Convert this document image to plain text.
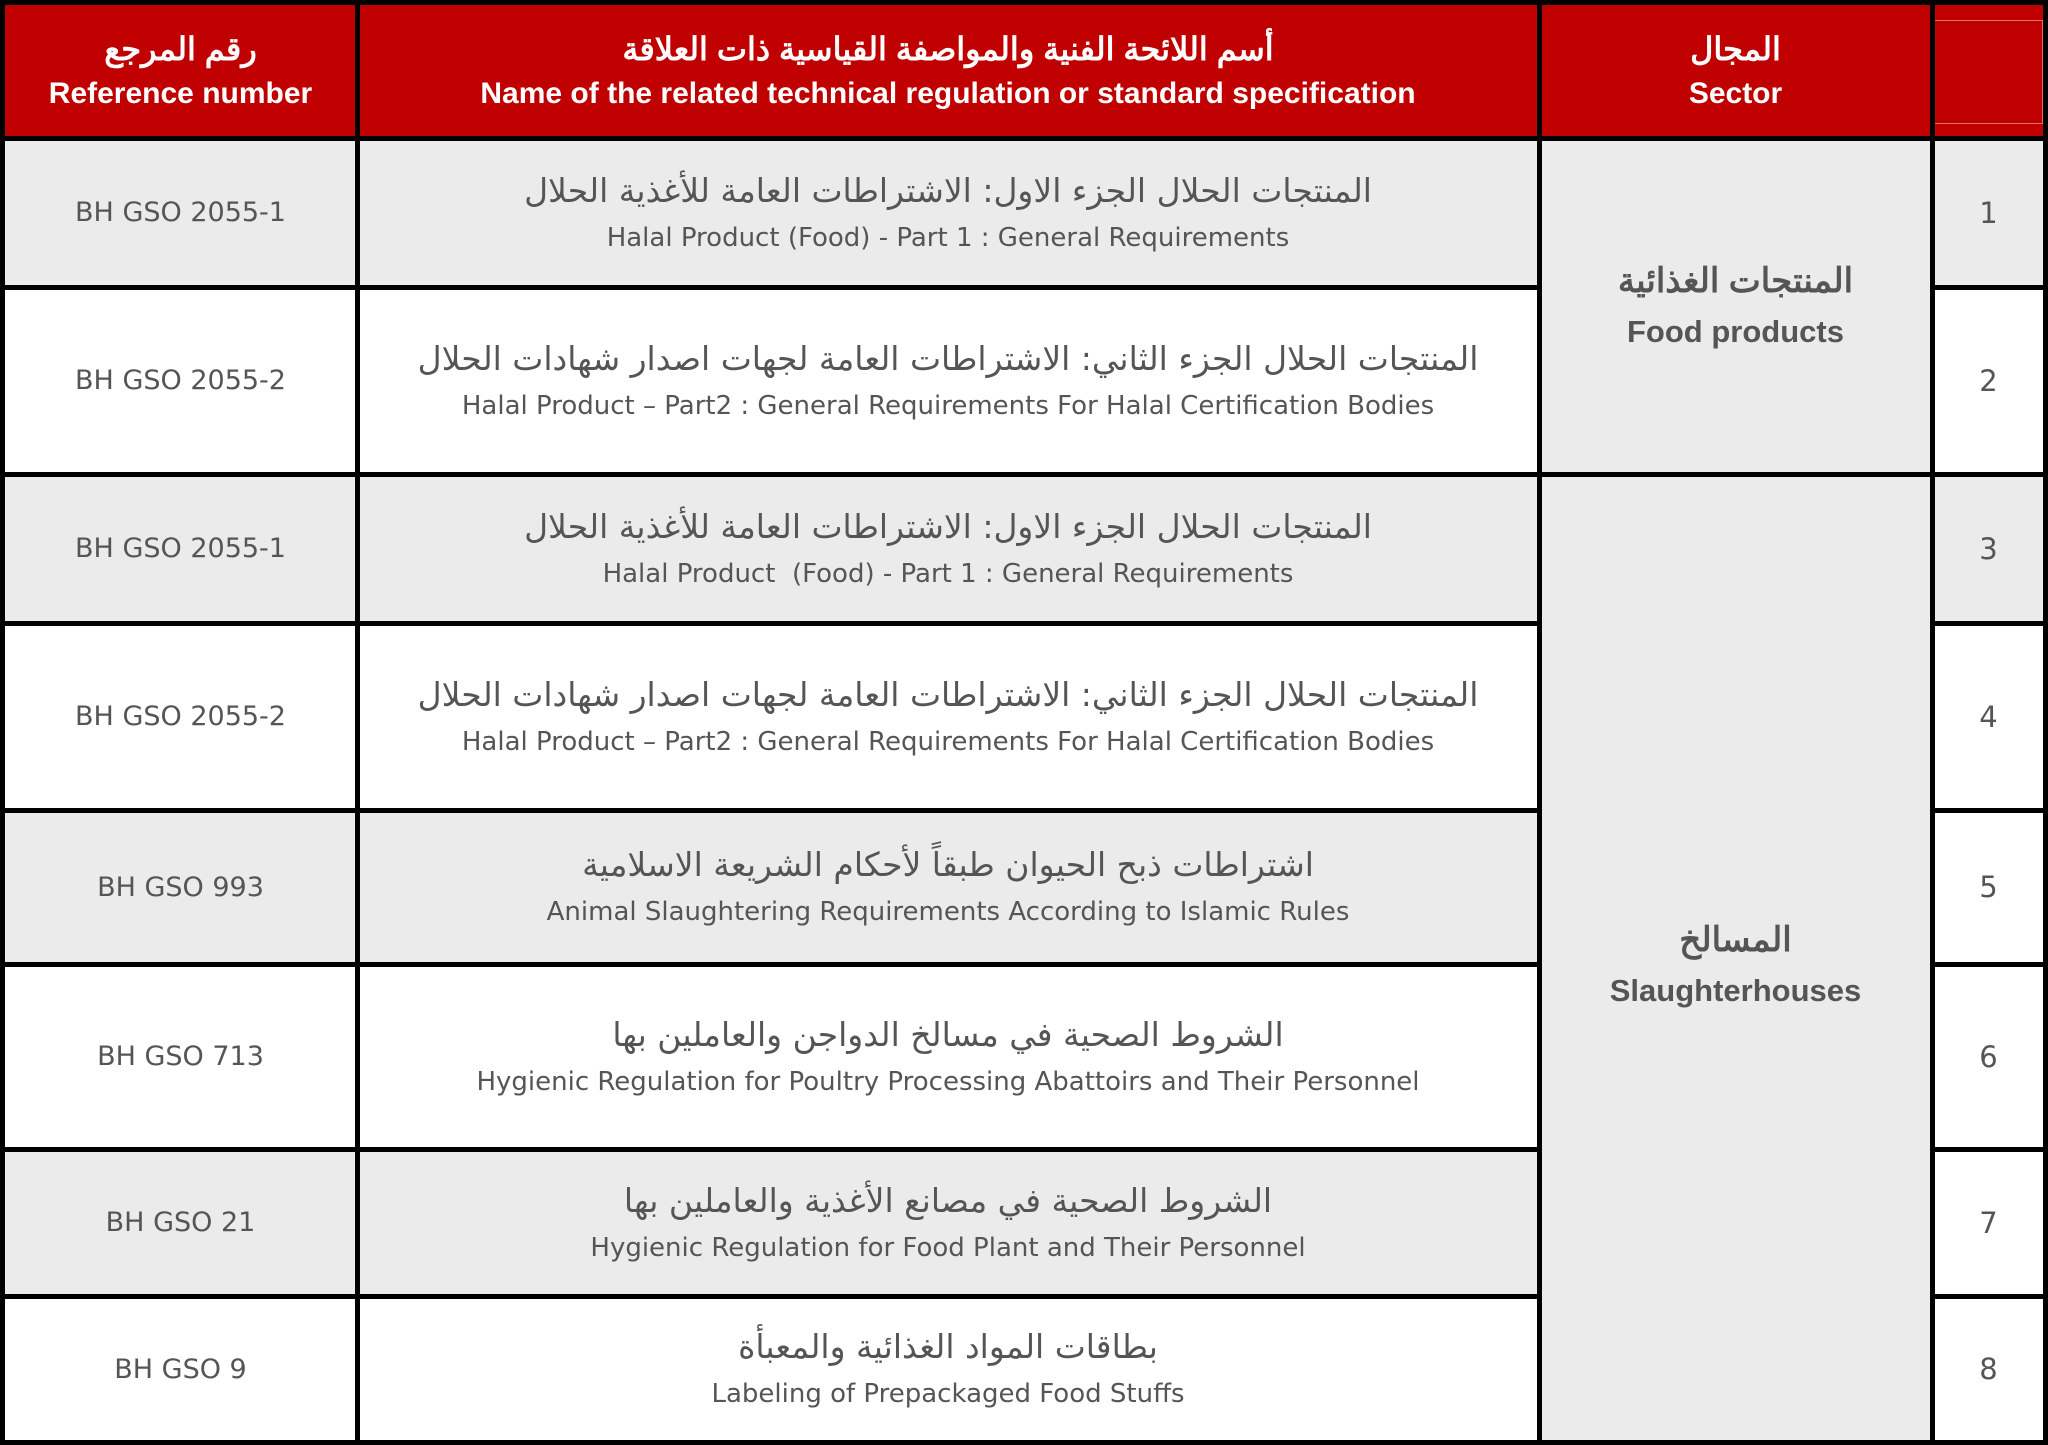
رقم المرجع
Reference number
أسم اللائحة الفنية والمواصفة القياسية ذات العلاقة
Name of the related technical regulation or standard specification
المجال
Sector
BH GSO 2055-1
المنتجات الحلال الجزء الاول: الاشتراطات العامة للأغذية الحلال
Halal Product (Food) - Part 1 : General Requirements
1
BH GSO 2055-2
المنتجات الحلال الجزء الثاني: الاشتراطات العامة لجهات اصدار شهادات الحلال
Halal Product – Part2 : General Requirements For Halal Certification Bodies
2
BH GSO 2055-1
المنتجات الحلال الجزء الاول: الاشتراطات العامة للأغذية الحلال
Halal Product  (Food) - Part 1 : General Requirements
3
BH GSO 2055-2
المنتجات الحلال الجزء الثاني: الاشتراطات العامة لجهات اصدار شهادات الحلال
Halal Product – Part2 : General Requirements For Halal Certification Bodies
4
BH GSO 993
اشتراطات ذبح الحيوان طبقاً لأحكام الشريعة الاسلامية
Animal Slaughtering Requirements According to Islamic Rules
5
BH GSO 713
الشروط الصحية في مسالخ الدواجن والعاملين بها
Hygienic Regulation for Poultry Processing Abattoirs and Their Personnel
6
BH GSO 21
الشروط الصحية في مصانع الأغذية والعاملين بها
Hygienic Regulation for Food Plant and Their Personnel
7
BH GSO 9
بطاقات المواد الغذائية والمعبأة
Labeling of Prepackaged Food Stuffs
8
المنتجات الغذائية
Food products
المسالخ
Slaughterhouses
